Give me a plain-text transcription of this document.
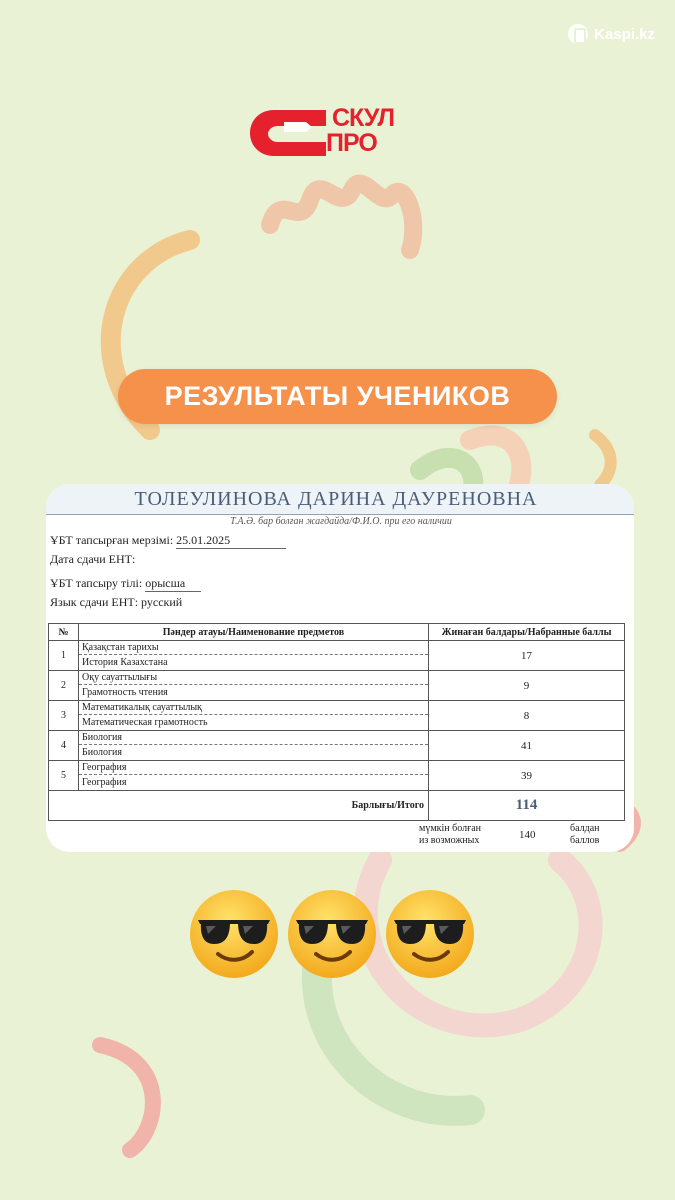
Kaspi.kz
СКУЛ
ПРО
РЕЗУЛЬТАТЫ УЧЕНИКОВ
ТОЛЕУЛИНОВА ДАРИНА ДАУРЕНОВНА
Т.А.Ә. бар болған жағдайда/Ф.И.О. при его наличии
ҰБТ тапсырған мерзімі: 25.01.2025
Дата сдачи ЕНТ:
ҰБТ тапсыру тілі: орысша
Язык сдачи ЕНТ: русский
№	Пәндер атауы/Наименование предметов	Жинаған балдары/Набранные баллы
1	Қазақстан тарихы
История Казахстана	17
2	Оқу сауаттылығы
Грамотность чтения	9
3	Математикалық сауаттылық
Математическая грамотность	8
4	Биология
Биология	41
5	География
География	39
Барлығы/Итого		114
мүмкін болған
из возможных	140
балдан
баллов
